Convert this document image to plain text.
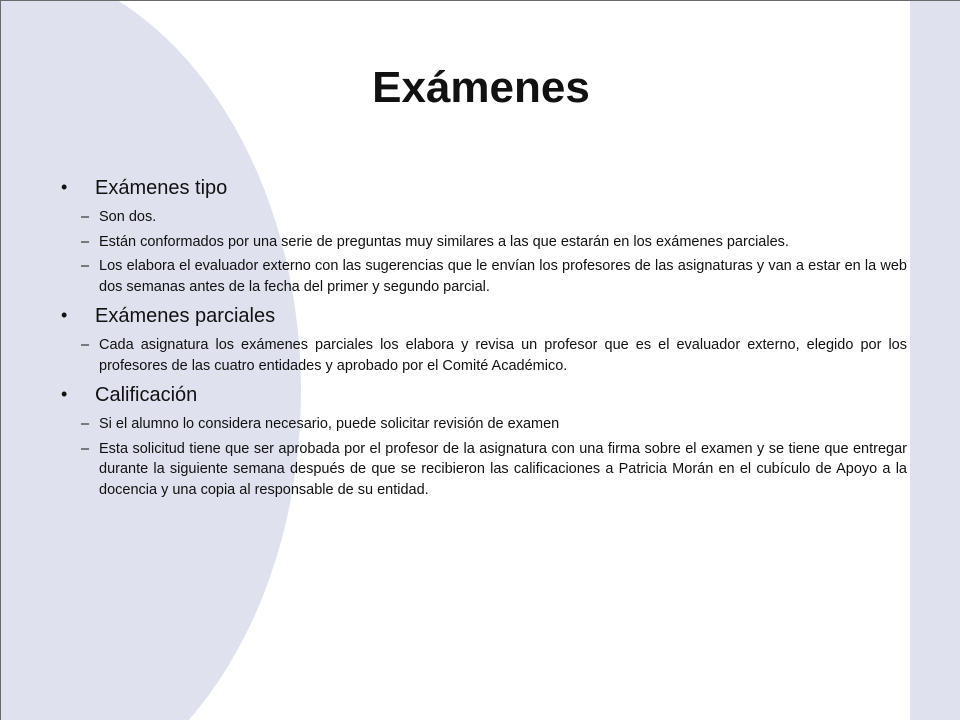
Exámenes
• Exámenes tipo
– Son dos.
– Están conformados por una serie de preguntas muy similares a las que estarán en los exámenes parciales.
– Los elabora el evaluador externo con las sugerencias que le envían los profesores de las asignaturas y van a estar en la web dos semanas antes de la fecha del primer y segundo parcial.
• Exámenes parciales
– Cada asignatura los exámenes parciales los elabora y revisa un profesor que es el evaluador externo, elegido por los profesores de las cuatro entidades y aprobado por el Comité Académico.
• Calificación
– Si el alumno lo considera necesario, puede solicitar revisión de examen
– Esta solicitud tiene que ser aprobada por el profesor de la asignatura con una firma sobre el examen y se tiene que entregar durante la siguiente semana después de que se recibieron las calificaciones a Patricia Morán en el cubículo de Apoyo a la docencia y una copia al responsable de su entidad.
